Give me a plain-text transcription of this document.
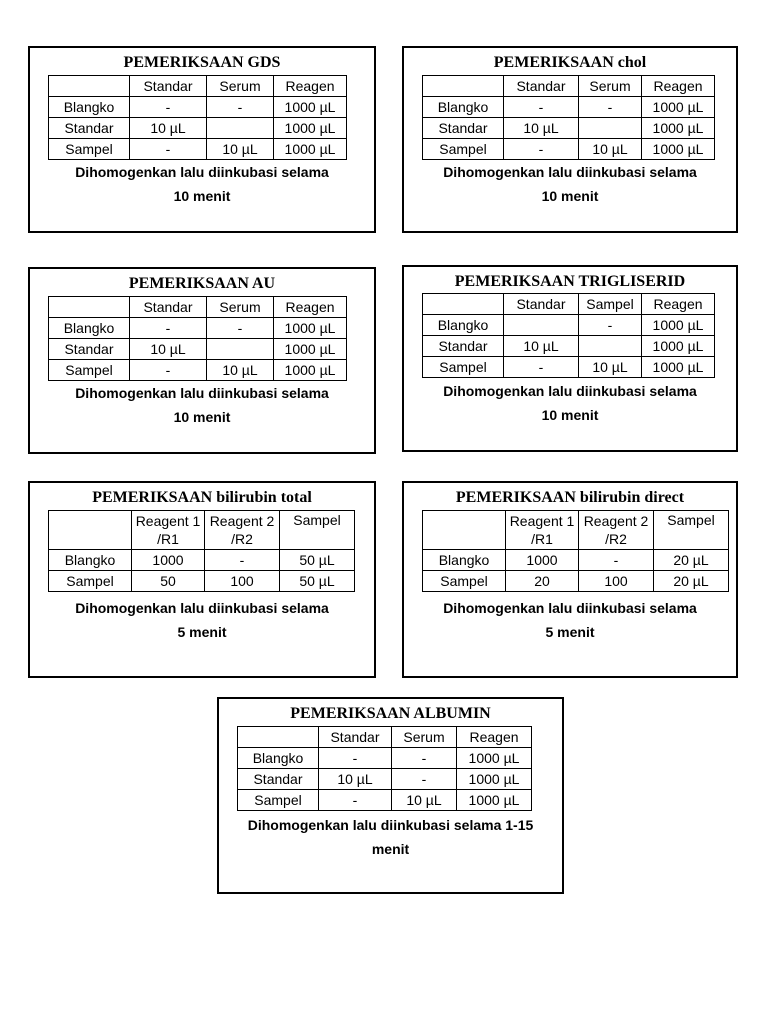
PEMERIKSAAN GDS
	Standar	Serum	Reagen
Blangko	-	-	1000 µL
Standar	10 µL		1000 µL
Sampel	-	10 µL	1000 µL
Dihomogenkan lalu diinkubasi selama
10 menit
PEMERIKSAAN chol
	Standar	Serum	Reagen
Blangko	-	-	1000 µL
Standar	10 µL		1000 µL
Sampel	-	10 µL	1000 µL
Dihomogenkan lalu diinkubasi selama
10 menit
PEMERIKSAAN AU
	Standar	Serum	Reagen
Blangko	-	-	1000 µL
Standar	10 µL		1000 µL
Sampel	-	10 µL	1000 µL
Dihomogenkan lalu diinkubasi selama
10 menit
PEMERIKSAAN TRIGLISERID
	Standar	Sampel	Reagen
Blangko		-	1000 µL
Standar	10 µL		1000 µL
Sampel	-	10 µL	1000 µL
Dihomogenkan lalu diinkubasi selama
10 menit
PEMERIKSAAN bilirubin total
	Reagent 1 /R1	Reagent 2 /R2	Sampel
Blangko	1000	-	50 µL
Sampel	50	100	50 µL
Dihomogenkan lalu diinkubasi selama
5 menit
PEMERIKSAAN bilirubin direct
	Reagent 1 /R1	Reagent 2 /R2	Sampel
Blangko	1000	-	20 µL
Sampel	20	100	20 µL
Dihomogenkan lalu diinkubasi selama
5 menit
PEMERIKSAAN ALBUMIN
	Standar	Serum	Reagen
Blangko	-	-	1000 µL
Standar	10 µL	-	1000 µL
Sampel	-	10 µL	1000 µL
Dihomogenkan lalu diinkubasi selama 1-15
menit
